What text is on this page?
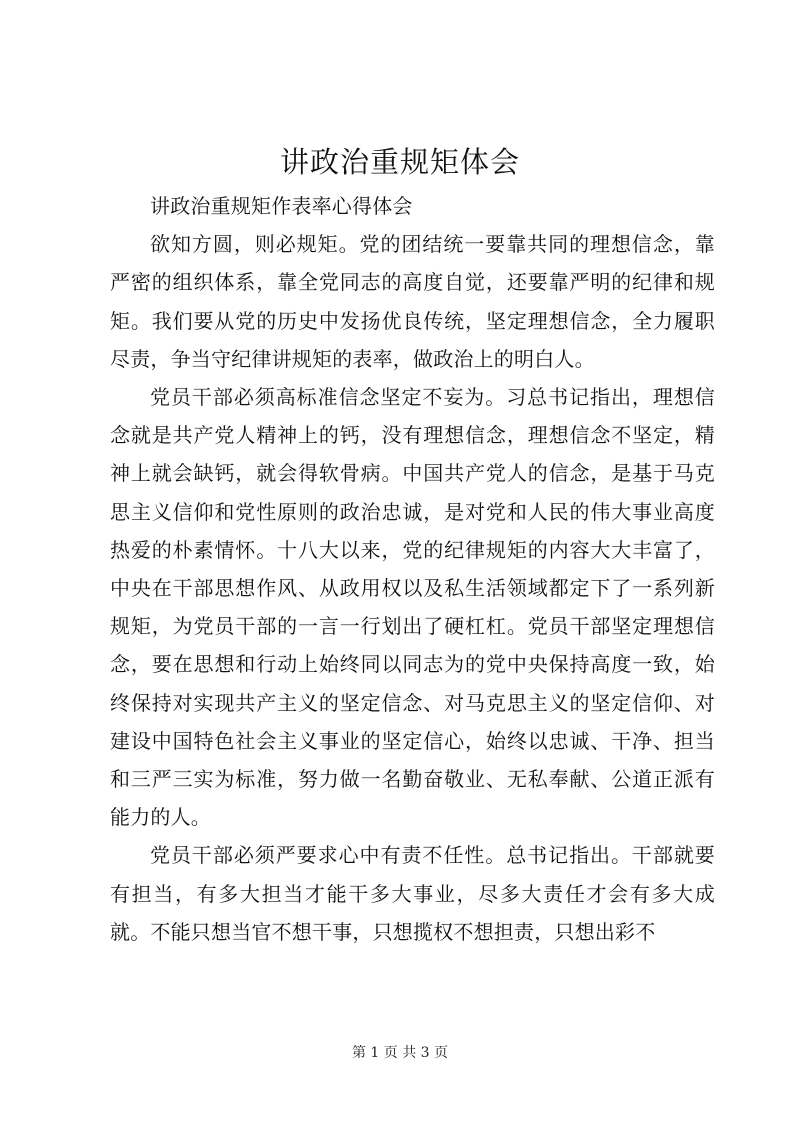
讲政治重规矩体会

讲政治重规矩作表率心得体会

欲知方圆，则必规矩。党的团结统一要靠共同的理想信念，靠严密的组织体系，靠全党同志的高度自觉，还要靠严明的纪律和规矩。我们要从党的历史中发扬优良传统，坚定理想信念，全力履职尽责，争当守纪律讲规矩的表率，做政治上的明白人。

党员干部必须高标准信念坚定不妄为。习总书记指出，理想信念就是共产党人精神上的钙，没有理想信念，理想信念不坚定，精神上就会缺钙，就会得软骨病。中国共产党人的信念，是基于马克思主义信仰和党性原则的政治忠诚，是对党和人民的伟大事业高度热爱的朴素情怀。十八大以来，党的纪律规矩的内容大大丰富了，中央在干部思想作风、从政用权以及私生活领域都定下了一系列新规矩，为党员干部的一言一行划出了硬杠杠。党员干部坚定理想信念，要在思想和行动上始终同以同志为的党中央保持高度一致，始终保持对实现共产主义的坚定信念、对马克思主义的坚定信仰、对建设中国特色社会主义事业的坚定信心，始终以忠诚、干净、担当和三严三实为标准，努力做一名勤奋敬业、无私奉献、公道正派有能力的人。

党员干部必须严要求心中有责不任性。总书记指出。干部就要有担当，有多大担当才能干多大事业，尽多大责任才会有多大成就。不能只想当官不想干事，只想揽权不想担责，只想出彩不

第 1 页 共 3 页
